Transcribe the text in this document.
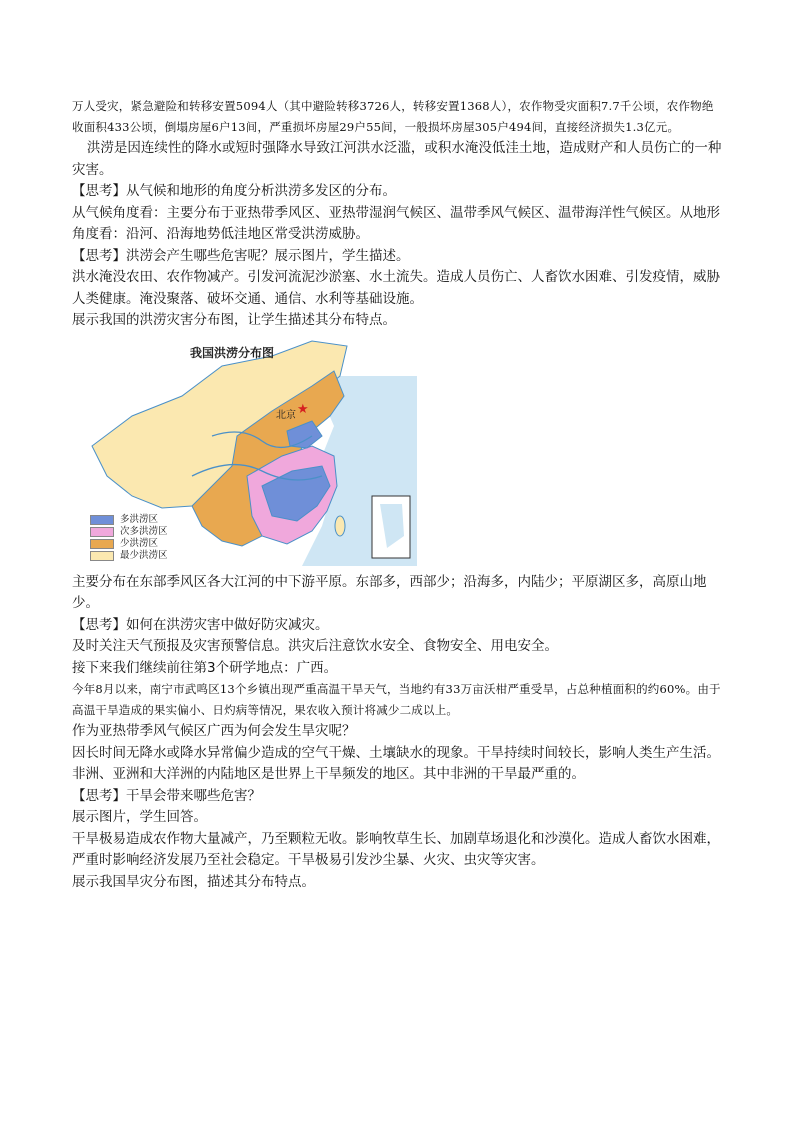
万人受灾，紧急避险和转移安置5094人（其中避险转移3726人，转移安置1368人），农作物受灾面积7.7千公顷，农作物绝收面积433公顷，倒塌房屋6户13间，严重损坏房屋29户55间，一般损坏房屋305户494间，直接经济损失1.3亿元。

洪涝是因连续性的降水或短时强降水导致江河洪水泛滥，或积水淹没低洼土地，造成财产和人员伤亡的一种灾害。

【思考】从气候和地形的角度分析洪涝多发区的分布。

从气候角度看：主要分布于亚热带季风区、亚热带湿润气候区、温带季风气候区、温带海洋性气候区。从地形角度看：沿河、沿海地势低洼地区常受洪涝威胁。

【思考】洪涝会产生哪些危害呢？展示图片，学生描述。

洪水淹没农田、农作物减产。引发河流泥沙淤塞、水土流失。造成人员伤亡、人畜饮水困难、引发疫情，威胁人类健康。淹没聚落、破坏交通、通信、水利等基础设施。

展示我国的洪涝灾害分布图，让学生描述其分布特点。

我国洪涝分布图
北京 ★
多洪涝区
次多洪涝区
少洪涝区
最少洪涝区

主要分布在东部季风区各大江河的中下游平原。东部多，西部少；沿海多，内陆少；平原湖区多，高原山地少。

【思考】如何在洪涝灾害中做好防灾减灾。

及时关注天气预报及灾害预警信息。洪灾后注意饮水安全、食物安全、用电安全。

接下来我们继续前往第3个研学地点：广西。

今年8月以来，南宁市武鸣区13个乡镇出现严重高温干旱天气，当地约有33万亩沃柑严重受旱，占总种植面积的约60%。由于高温干旱造成的果实偏小、日灼病等情况，果农收入预计将减少二成以上。

作为亚热带季风气候区广西为何会发生旱灾呢？

因长时间无降水或降水异常偏少造成的空气干燥、土壤缺水的现象。干旱持续时间较长，影响人类生产生活。非洲、亚洲和大洋洲的内陆地区是世界上干旱频发的地区。其中非洲的干旱最严重的。

【思考】干旱会带来哪些危害？

展示图片，学生回答。

干旱极易造成农作物大量减产，乃至颗粒无收。影响牧草生长、加剧草场退化和沙漠化。造成人畜饮水困难，严重时影响经济发展乃至社会稳定。干旱极易引发沙尘暴、火灾、虫灾等灾害。

展示我国旱灾分布图，描述其分布特点。
